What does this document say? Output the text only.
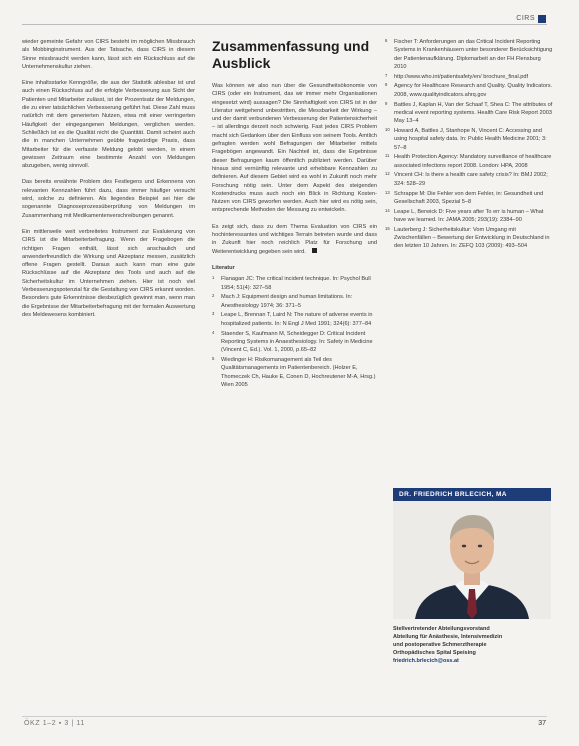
CIRS

wieder gemeinte Gefahr von CIRS besteht im möglichen Missbrauch als Mobbinginstrument. Aus der Tatsache, dass CIRS in diesem Sinne missbraucht werden kann, lässt sich ein Rückschluss auf die Unternehmenskultur ziehen.

Eine inhaltsstarke Kenngröße, die aus der Statistik ablesbar ist und auch einen Rückschluss auf die erfolgte Verbesserung aus Sicht der Patienten und Mitarbeiter zulässt, ist der Prozentsatz der Meldungen, die zu einer tatsächlichen Verbesserung geführt hat. Diese Zahl muss natürlich mit dem generierten Nutzen, etwa mit einer verringerten Häufigkeit der eingegangenen Meldungen, verglichen werden. Schließlich ist es die Qualität nicht die Quantität. Damit scheint auch die in manchen Unternehmen geübte fragwürdige Praxis, dass Mitarbeiter für die verfasste Meldung gelobt werden, in einem gewissen Zeitraum eine bestimmte Anzahl von Meldungen abzugeben, wenig sinnvoll.

Das bereits erwähnte Problem des Festlegens und Erkennens von relevanten Kennzahlen führt dazu, dass immer häufiger versucht wird, solche zu definieren. Als liegendes Beispiel sei hier die sogenannte Diagnoseprozessüberprüfung von Meldungen im Zusammenhang mit Medikamentenverschreibungen genannt.

Ein mittlerweile weit verbreitetes Instrument zur Evaluierung von CIRS ist die Mitarbeiterbefragung. Wenn der Fragebogen die richtigen Fragen enthält, lässt sich anschaulich und anwenderfreundlich die Wirkung und Akzeptanz messen, zusätzlich offene Fragen gestellt. Daraus auch kann man eine gute Rückschlüsse auf die Akzeptanz des Tools und auch auf die Sicherheitskultur im Unternehmen ziehen. Hier ist noch viel Verbesserungspotenzial für die Gestaltung von CIRS erkannt worden. Besonders gute Erkenntnisse diesbezüglich gewinnt man, wenn man die Ergebnisse der Mitarbeiterbefragung mit der formalen Auswertung des Meldewesens kombiniert.

Zusammenfassung und Ausblick

Was können wir also nun über die Gesundheitsökonomie von CIRS (oder ein Instrument, das wir immer mehr Organisationen eingesetzt wird) aussagen? Die Sinnhaftigkeit von CIRS ist in der Literatur weitgehend unbestritten, die Messbarkeit der Wirkung – und der damit verbundenen Verbesserung der Patientensicherheit – ist allerdings derzeit noch schwierig. Fast jedes CIRS Problem macht sich Gedanken über den Einfluss von seinem Tools. Amtlich gefragten werden wohl Befragungen der Mitarbeiter mittels Fragebögen angewandt. Ein Nachteil ist, dass die Ergebnisse dieser Befragungen kaum öffentlich publiziert werden. Darüber hinaus sind vernünftig relevante und erhebbare Kennzahlen zu definieren. Auf diesem Gebiet wird es wohl in Zukunft noch mehr Forschung nötig sein. Unter dem Aspekt des steigenden Kostendrucks muss auch noch ein Blick in Richtung Kosten-Nutzen von CIRS geworfen werden. Auch hier wird es nötig sein, entsprechende Methoden der Messung zu entwickeln.

Es zeigt sich, dass zu dem Thema Evaluation von CIRS ein hochinteressantes und wichtiges Terrain betreten wurde und dass in Zukunft hier noch reichlich Platz für Forschung und Weiterentwicklung gegeben sein wird.

Literatur
1 Flanagan JC: The critical incident technique. In: Psychol Bull 1954; 51(4): 327–58
2 Mach J: Equipment design and human limitations. In: Anesthesiology 1974; 36: 371–5
3 Leape L, Brennan T, Laird N: The nature of adverse events in hospitalized patients. In: N Engl J Med 1991; 324(6): 377–84
4 Staender S, Kaufmann M, Scheidegger D: Critical Incident Reporting Systems in Anaesthesiology. In: Safety in Medicine (Vincent C, Ed.). Vol. 1, 2000, p.65–82
5 Wiedinger H: Risikomanagement als Teil des Qualitätsmanagements im Patientenbereich. (Holzer E, Thomeczek Ch, Hauke E, Conen D, Hochreutener M-A, Hrsg.) Wien 2005
6 Fischer T: Anforderungen an das Critical Incident Reporting Systems in Krankenhäusern unter besonderer Berücksichtigung der Patientenaufklärung. Diplomarbeit an der FH Flensburg 2010
7 http://www.who.int/patientsafety/en/ brochure_final.pdf
8 Agency for Healthcare Research and Quality. Quality Indicators. 2008, www.qualityindicators.ahrq.gov
9 Battles J, Kaplan H, Van der Schaaf T, Shea C: The attributes of medical event reporting systems. Health Care Risk Report 2003 May 13–4
10 Howard A, Battles J, Stanhope N, Vincent C: Accessing and using hospital safety data. In: Public Health Medicine 2001; 3: 57–8
11 Health Protection Agency: Mandatory surveillance of healthcare associated infections report 2008. London: HPA, 2008
12 Vincent CH: Is there a health care safety crisis? In: BMJ 2002; 324: 528–29
13 Schrappe M: Die Fehler von dem Fehler, in: Gesundheit und Gesellschaft 2003, Spezial 5–8
14 Leape L, Berwick D: Five years after To err is human – What have we learned. In: JAMA 2005; 293(19): 2384–90
15 Lauterberg J: Sicherheitskultur: Vom Umgang mit Zwischenfällen – Bewertung der Entwicklung in Deutschland in den letzten 10 Jahren. In: ZEFQ 103 (2009): 493–504
DR. FRIEDRICH BRLECICH, MA
Stellvertretender Abteilungsvorstand
Abteilung für Anästhesie, Intensivmedizin
und postoperative Schmerztherapie
Orthopädisches Spital Speising
friedrich.brlecich@oss.at
ÖKZ 1–2 ▪ 3 | 11	37
